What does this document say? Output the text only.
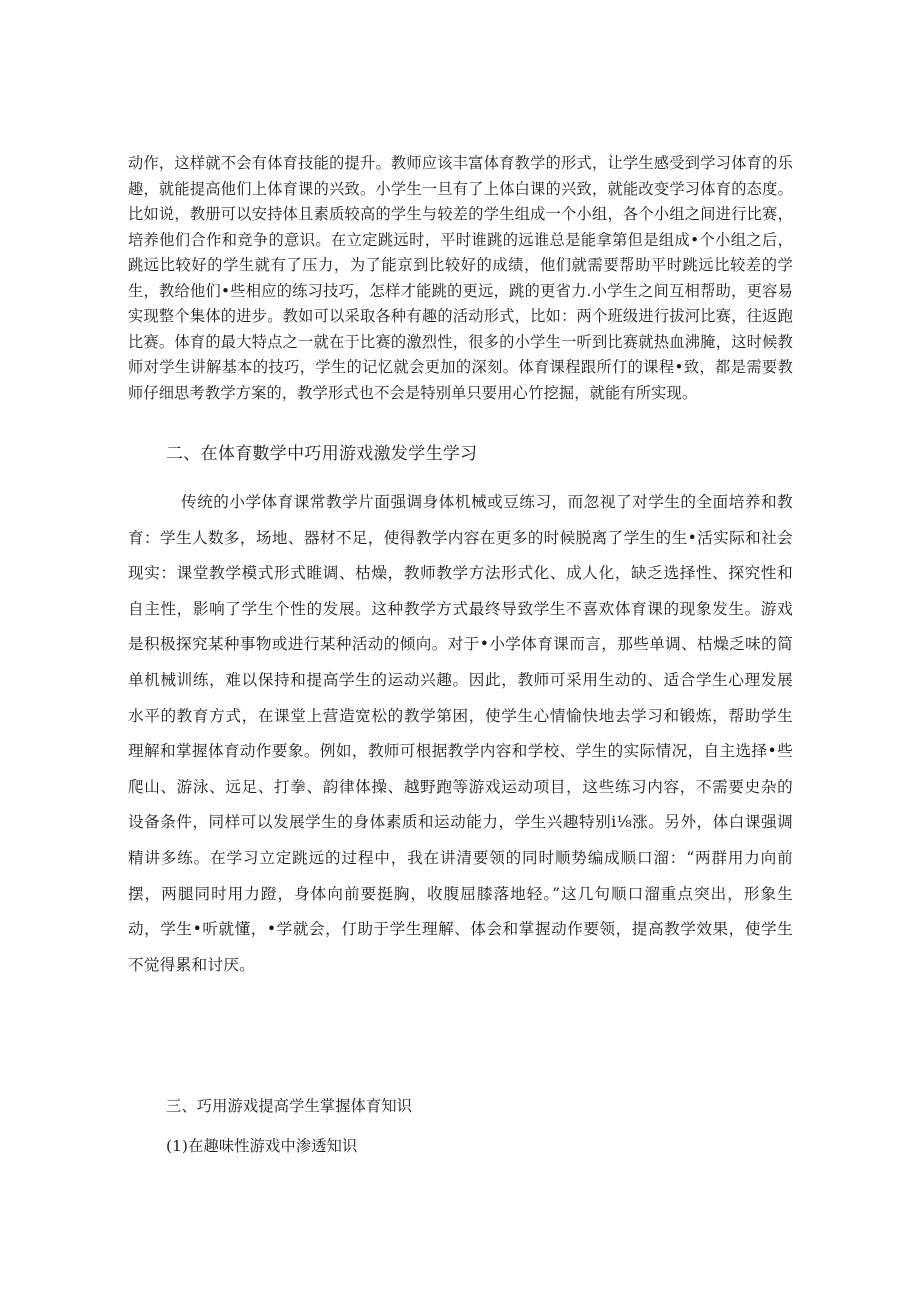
动作，这样就不会有体育技能的提升。教师应该丰富体育教学的形式，让学生感受到学习体育的乐趣，就能提高他们上体育课的兴致。小学生一旦有了上体白课的兴致，就能改变学习体育的态度。比如说，教册可以安持体且素质较高的学生与较差的学生组成一个小组，各个小组之间进行比赛，培养他们合作和竞争的意识。在立定跳远时，平时谁跳的远谁总是能拿第但是组成•个小组之后，跳远比较好的学生就有了压力，为了能京到比较好的成绩，他们就需要帮助平时跳远比较差的学生，教给他们•些相应的练习技巧，怎样才能跳的更远，跳的更省力.小学生之间互相帮助，更容易实现整个集体的进步。教如可以采取各种有趣的活动形式，比如：两个班级进行拔河比赛，往返跑比赛。体育的最大特点之一就在于比赛的激烈性，很多的小学生一听到比赛就热血沸腌，这时候教师对学生讲解基本的技巧，学生的记忆就会更加的深刻。体育课程跟所仃的课程•致，都是需要教师仔细思考教学方案的，教学形式也不会是特别单只要用心竹挖掘，就能有所实现。

二、在体育數学中巧用游戏激发学生学习

传统的小学体育课常教学片面强调身体机械或豆练习，而忽视了对学生的全面培养和教育：学生人数多，场地、器材不足，使得教学内容在更多的时候脱离了学生的生•活实际和社会现实：课堂教学模式形式睢调、枯燥，教师教学方法形式化、成人化，缺乏选择性、探究性和自主性，影响了学生个性的发展。这种教学方式最终导致学生不喜欢体育课的现象发生。游戏是积极探究某种事物或进行某种活动的倾向。对于•小学体育课而言，那些单调、枯燥乏味的简单机械训练，难以保持和提高学生的运动兴趣。因此，教师可采用生动的、适合学生心理发展水平的教育方式，在课堂上营造宽松的教学第困，使学生心情愉快地去学习和锻炼，帮助学生理解和掌握体育动作要象。例如，教师可根据教学内容和学校、学生的实际情况，自主选择•些爬山、游泳、远足、打拳、韵律体操、越野跑等游戏运动项目，这些练习内容，不需要史杂的设备条件，同样可以发展学生的身体素质和运动能力，学生兴趣特别i⅛涨。另外，体白课强调精讲多练。在学习立定跳远的过程中，我在讲清要领的同时顺势编成顺口溜：“两群用力向前摆，两腿同时用力蹬，身体向前要挺胸，收腹屈膝落地轻。”这几句顺口溜重点突出，形象生动，学生•听就懂，•学就会，仃助于学生理解、体会和掌握动作要领，提高教学效果，使学生不觉得累和讨厌。

三、巧用游戏提高学生掌握体育知识
(1)在趣味性游戏中渗透知识
